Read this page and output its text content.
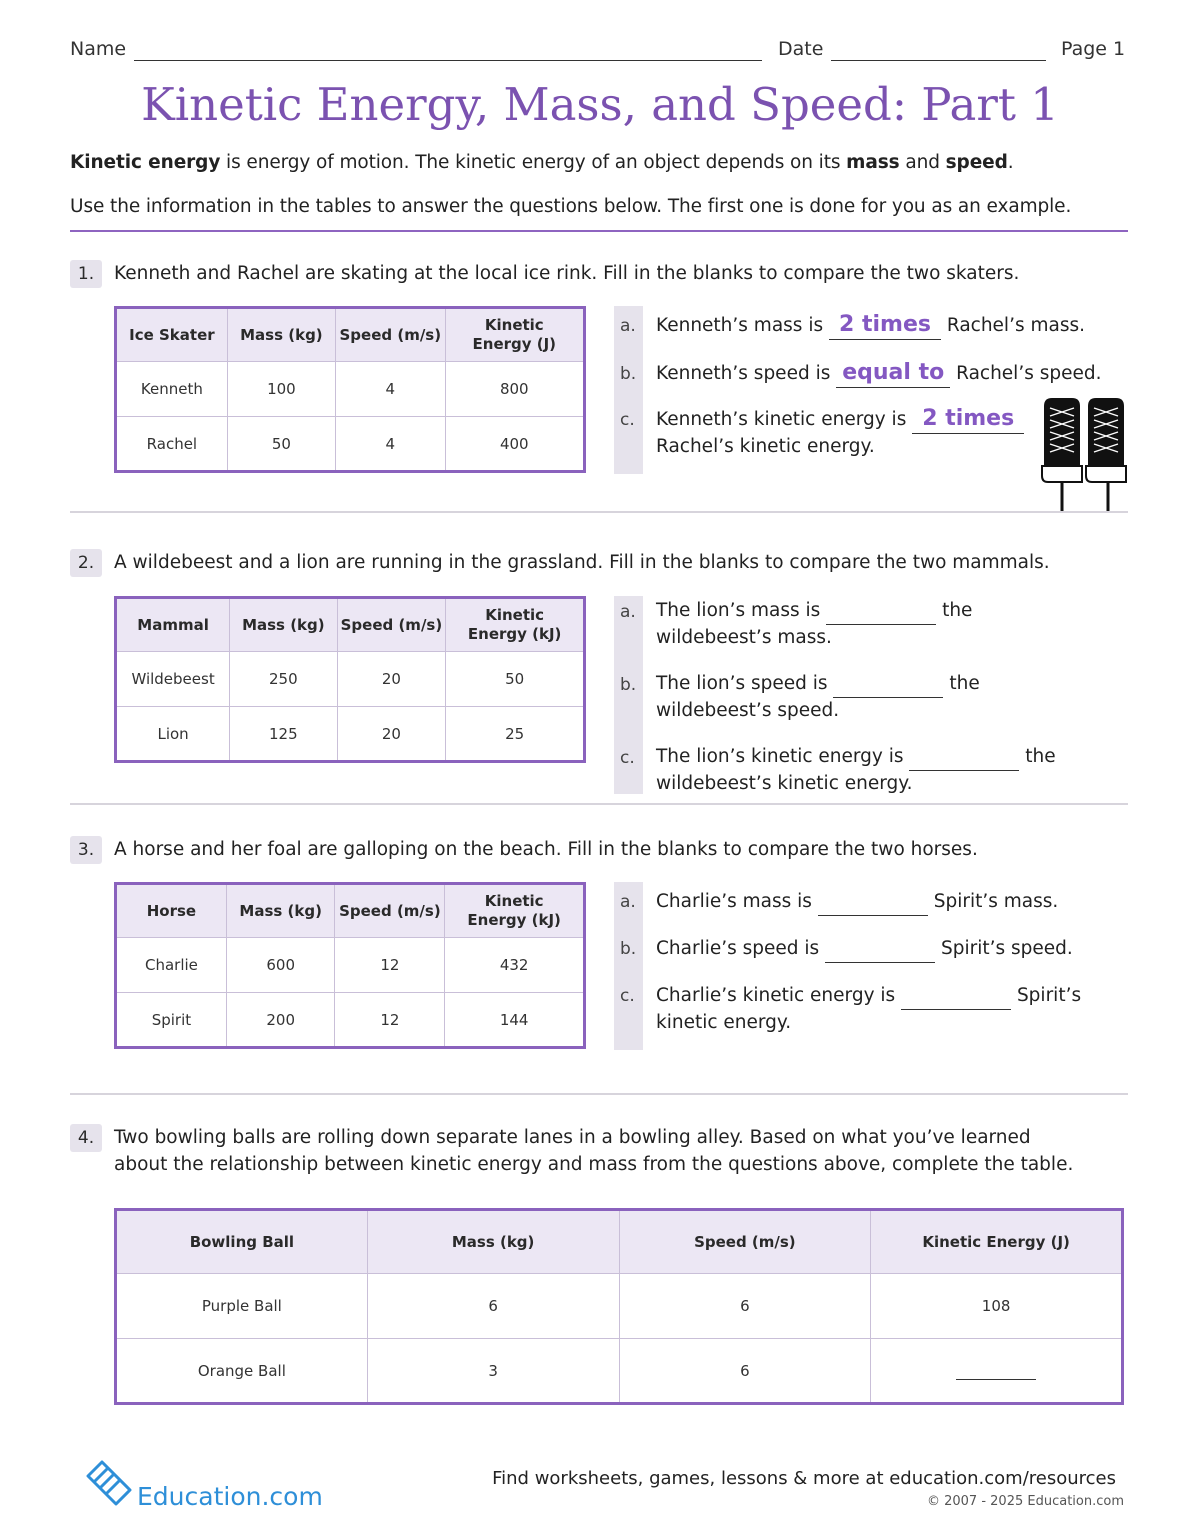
Name	Date	Page 1
Kinetic Energy, Mass, and Speed: Part 1
Kinetic energy is energy of motion. The kinetic energy of an object depends on its mass and speed.
Use the information in the tables to answer the questions below. The first one is done for you as an example.
1.	Kenneth and Rachel are skating at the local ice rink. Fill in the blanks to compare the two skaters.
Ice Skater	Mass (kg)	Speed (m/s)	Kinetic Energy (J)
Kenneth	100	4	800
Rachel	50	4	400
a.
b.
c.
Kenneth’s mass is 2 times Rachel’s mass.
Kenneth’s speed is equal to Rachel’s speed.
Kenneth’s kinetic energy is 2 times
Rachel’s kinetic energy.
2.	A wildebeest and a lion are running in the grassland. Fill in the blanks to compare the two mammals.
Mammal	Mass (kg)	Speed (m/s)	Kinetic Energy (kJ)
Wildebeest	250	20	50
Lion	125	20	25
a.
b.
c.
The lion’s mass is	the
wildebeest’s mass.
The lion’s speed is	the
wildebeest’s speed.
The lion’s kinetic energy is	the
wildebeest’s kinetic energy.
3.	A horse and her foal are galloping on the beach. Fill in the blanks to compare the two horses.
Horse	Mass (kg)	Speed (m/s)	Kinetic Energy (kJ)
Charlie	600	12	432
Spirit	200	12	144
a.
b.
c.
Charlie’s mass is	Spirit’s mass.
Charlie’s speed is	Spirit’s speed.
Charlie’s kinetic energy is	Spirit’s
kinetic energy.
4.	Two bowling balls are rolling down separate lanes in a bowling alley. Based on what you’ve learned
about the relationship between kinetic energy and mass from the questions above, complete the table.
Bowling Ball	Mass (kg)	Speed (m/s)	Kinetic Energy (J)
Purple Ball	6	6	108
Orange Ball	3	6	
Education.com
Find worksheets, games, lessons & more at education.com/resources
© 2007 - 2025 Education.com
